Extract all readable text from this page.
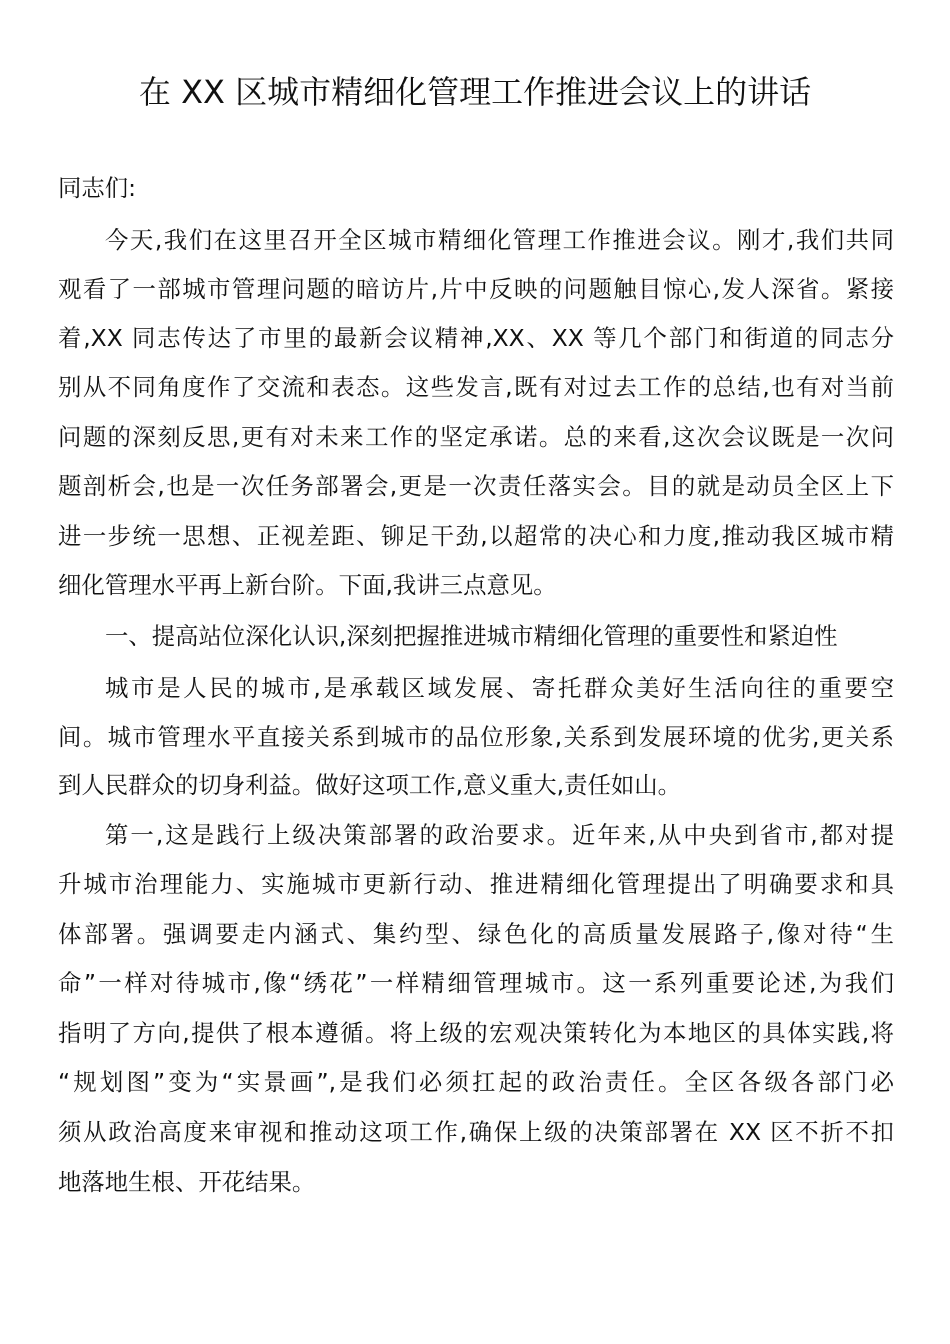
在 XX 区城市精细化管理工作推进会议上的讲话
同志们:
今天,我们在这里召开全区城市精细化管理工作推进会议。刚才,我们共同
观看了一部城市管理问题的暗访片,片中反映的问题触目惊心,发人深省。紧接
着,XX 同志传达了市里的最新会议精神,XX、XX 等几个部门和街道的同志分
别从不同角度作了交流和表态。这些发言,既有对过去工作的总结,也有对当前
问题的深刻反思,更有对未来工作的坚定承诺。总的来看,这次会议既是一次问
题剖析会,也是一次任务部署会,更是一次责任落实会。目的就是动员全区上下
进一步统一思想、正视差距、铆足干劲,以超常的决心和力度,推动我区城市精
细化管理水平再上新台阶。下面,我讲三点意见。
一、提高站位深化认识,深刻把握推进城市精细化管理的重要性和紧迫性
城市是人民的城市,是承载区域发展、寄托群众美好生活向往的重要空
间。城市管理水平直接关系到城市的品位形象,关系到发展环境的优劣,更关系
到人民群众的切身利益。做好这项工作,意义重大,责任如山。
第一,这是践行上级决策部署的政治要求。近年来,从中央到省市,都对提
升城市治理能力、实施城市更新行动、推进精细化管理提出了明确要求和具
体部署。强调要走内涵式、集约型、绿色化的高质量发展路子,像对待“生
命”一样对待城市,像“绣花”一样精细管理城市。这一系列重要论述,为我们
指明了方向,提供了根本遵循。将上级的宏观决策转化为本地区的具体实践,将
“规划图”变为“实景画”,是我们必须扛起的政治责任。全区各级各部门必
须从政治高度来审视和推动这项工作,确保上级的决策部署在 XX 区不折不扣
地落地生根、开花结果。
